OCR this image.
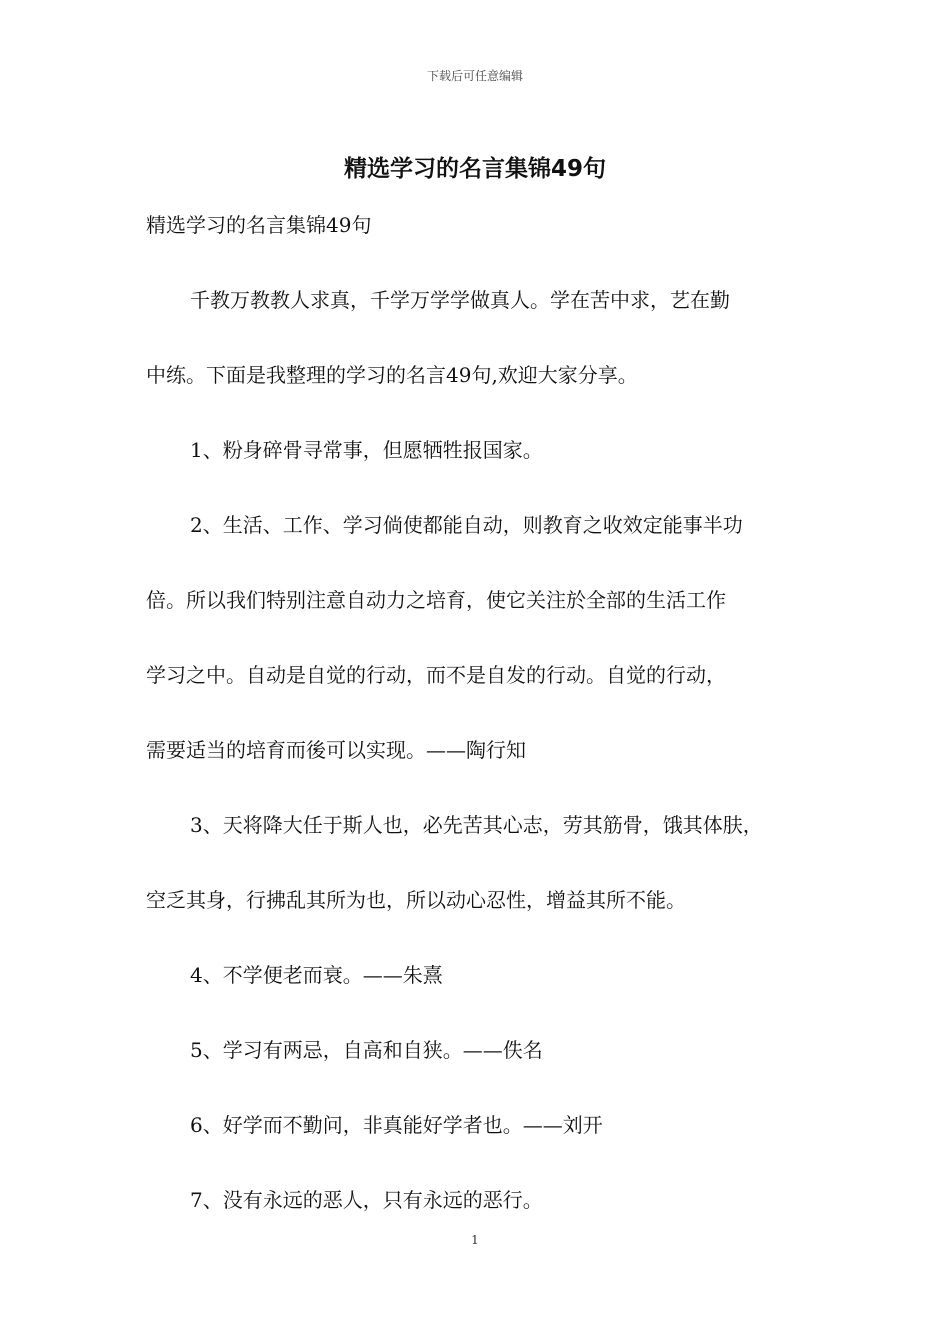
下载后可任意编辑
精选学习的名言集锦49句
精选学习的名言集锦49句
千教万教教人求真，千学万学学做真人。学在苦中求，艺在勤
中练。下面是我整理的学习的名言49句,欢迎大家分享。
1、粉身碎骨寻常事，但愿牺牲报国家。
2、生活、工作、学习倘使都能自动，则教育之收效定能事半功
倍。所以我们特别注意自动力之培育，使它关注於全部的生活工作
学习之中。自动是自觉的行动，而不是自发的行动。自觉的行动，
需要适当的培育而後可以实现。——陶行知
3、天将降大任于斯人也，必先苦其心志，劳其筋骨，饿其体肤，
空乏其身，行拂乱其所为也，所以动心忍性，增益其所不能。
4、不学便老而衰。——朱熹
5、学习有两忌，自高和自狭。——佚名
6、好学而不勤问，非真能好学者也。——刘开
7、没有永远的恶人，只有永远的恶行。
1
